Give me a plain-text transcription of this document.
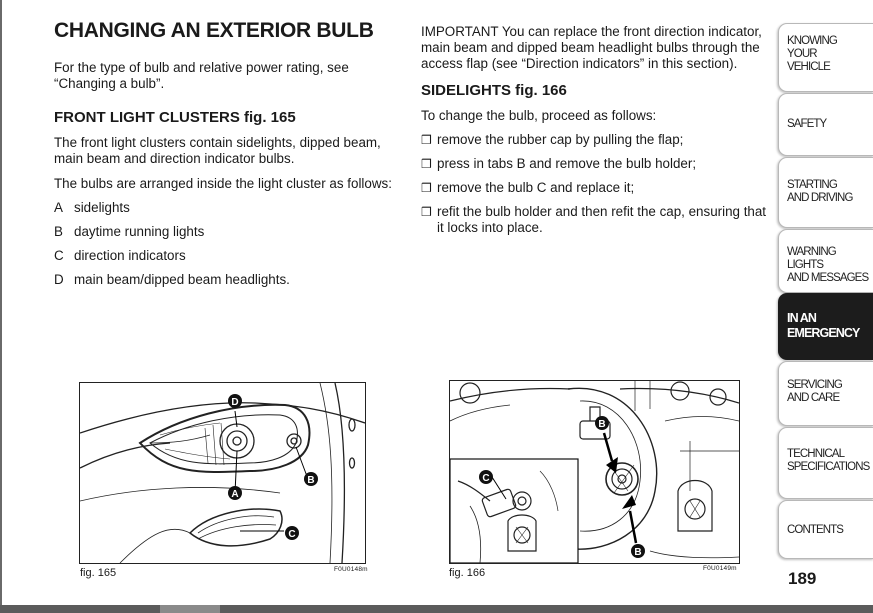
CHANGING AN EXTERIOR BULB

For the type of bulb and relative power rating, see “Changing a bulb”.

FRONT LIGHT CLUSTERS fig. 165

The front light clusters contain sidelights, dipped beam, main beam and direction indicator bulbs.

The bulbs are arranged inside the light cluster as follows:

A sidelights
B daytime running lights
C direction indicators
D main beam/dipped beam headlights.

IMPORTANT You can replace the front direction indicator, main beam and dipped beam headlight bulbs through the access flap (see “Direction indicators” in this section).

SIDELIGHTS fig. 166

To change the bulb, proceed as follows:

❒ remove the rubber cap by pulling the flap;
❒ press in tabs B and remove the bulb holder;
❒ remove the bulb C and replace it;
❒ refit the bulb holder and then refit the cap, ensuring that it locks into place.
D
A
B
C
fig. 165	F0U0148m
B
B
C
fig. 166	F0U0149m
KNOWING
YOUR
VEHICLE
SAFETY
STARTING
AND DRIVING
WARNING LIGHTS
AND MESSAGES
IN AN
EMERGENCY
SERVICING
AND CARE
TECHNICAL
SPECIFICATIONS
CONTENTS
189
